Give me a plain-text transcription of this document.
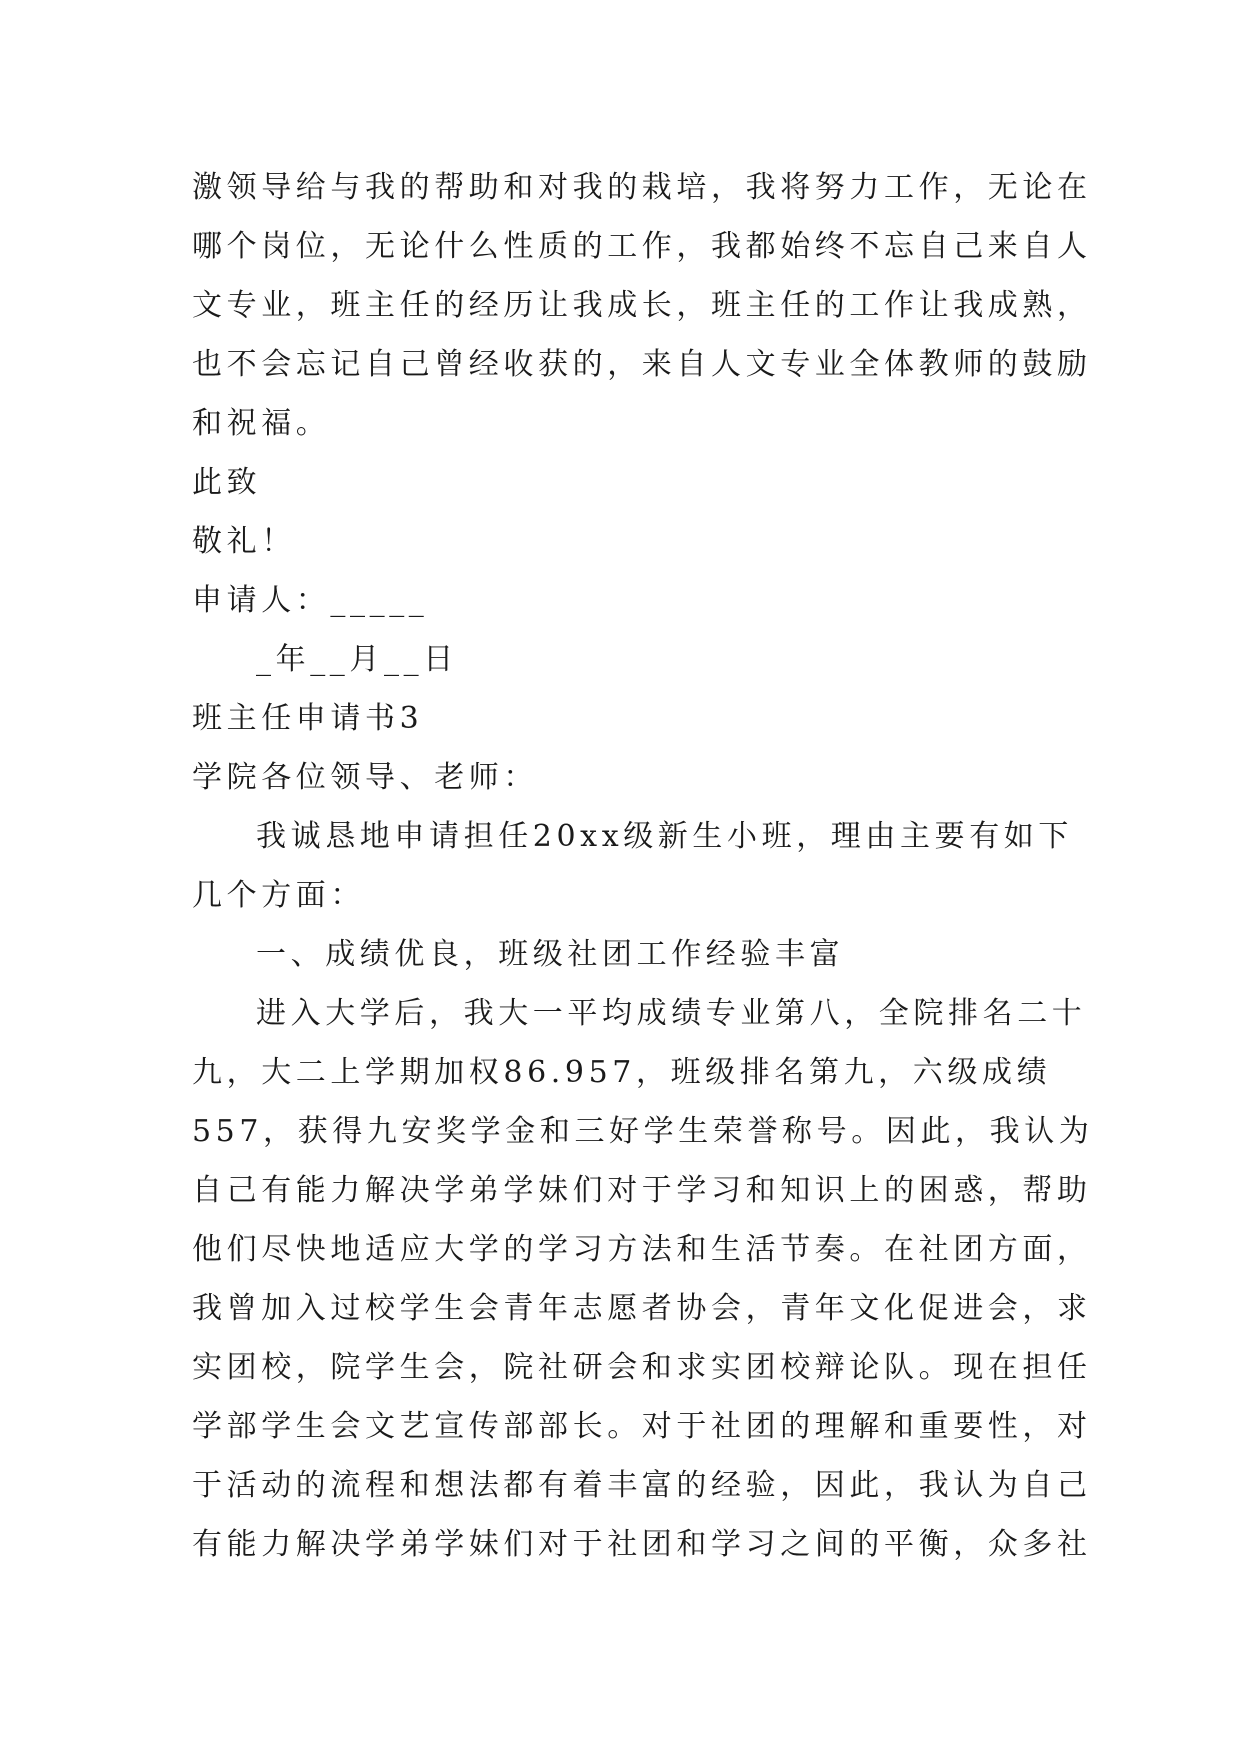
激领导给与我的帮助和对我的栽培，我将努力工作，无论在
哪个岗位，无论什么性质的工作，我都始终不忘自己来自人
文专业，班主任的经历让我成长，班主任的工作让我成熟，
也不会忘记自己曾经收获的，来自人文专业全体教师的鼓励
和祝福。
此致
敬礼！
申请人：_____
_年__月__日
班主任申请书3
学院各位领导、老师：
我诚恳地申请担任20xx级新生小班，理由主要有如下
几个方面：
一、成绩优良，班级社团工作经验丰富
进入大学后，我大一平均成绩专业第八，全院排名二十
九，大二上学期加权86.957，班级排名第九，六级成绩
557，获得九安奖学金和三好学生荣誉称号。因此，我认为
自己有能力解决学弟学妹们对于学习和知识上的困惑，帮助
他们尽快地适应大学的学习方法和生活节奏。在社团方面，
我曾加入过校学生会青年志愿者协会，青年文化促进会，求
实团校，院学生会，院社研会和求实团校辩论队。现在担任
学部学生会文艺宣传部部长。对于社团的理解和重要性，对
于活动的流程和想法都有着丰富的经验，因此，我认为自己
有能力解决学弟学妹们对于社团和学习之间的平衡，众多社
